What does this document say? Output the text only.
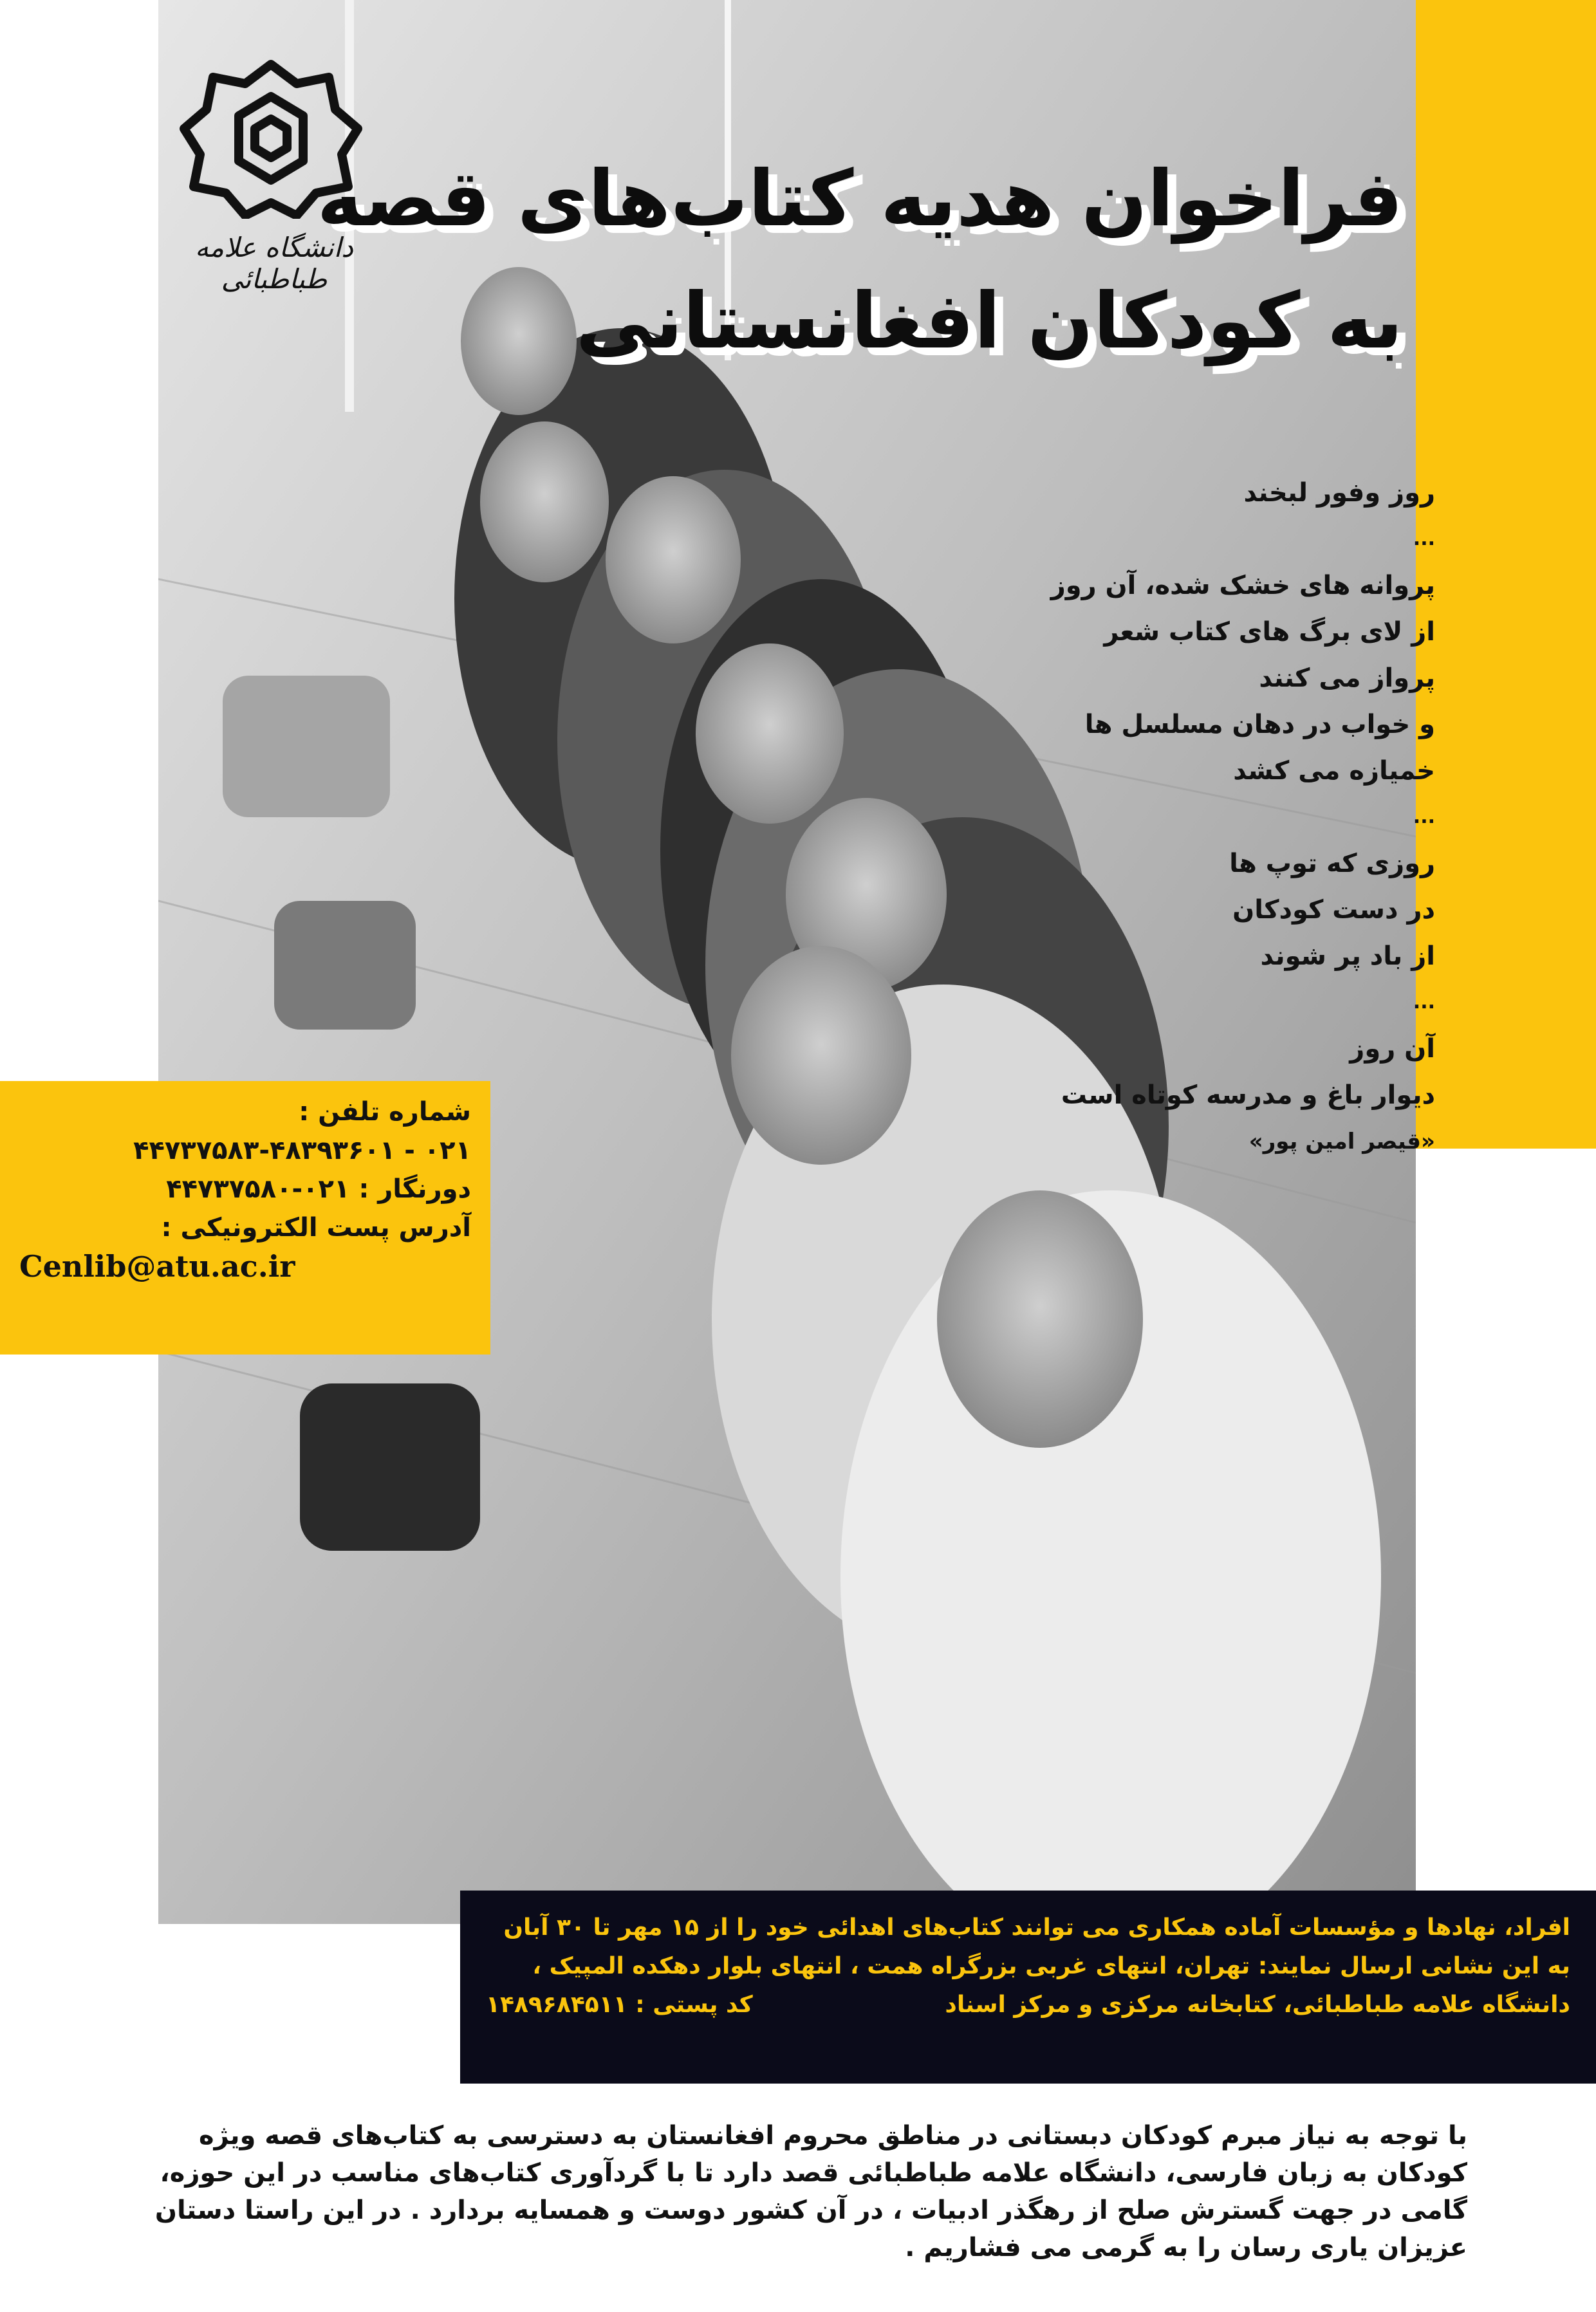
دانشگاه علامه طباطبائی
فراخوان هدیه کتاب‌های قصه
به کودکان افغانستانی
روز وفور لبخند
...
پروانه های خشک شده، آن روز
از لای برگ های کتاب شعر
پرواز می کنند
و خواب در دهان مسلسل ها
خمیازه می کشد
...
روزی که توپ ها
در دست کودکان
از باد پر شوند
...
آن روز
دیوار باغ و مدرسه کوتاه است
«قیصر امین پور»
شماره تلفن :
۰۲۱ - ۴۴۷۳۷۵۸۳-۴۸۳۹۳۶۰۱
دورنگار : ۰۲۱-۴۴۷۳۷۵۸۰
آدرس پست الکترونیکی :
Cenlib@atu.ac.ir
افراد، نهادها و مؤسسات آماده همکاری می توانند کتاب‌های اهدائی خود را از ۱۵ مهر تا ۳۰ آبان
به این نشانی ارسال نمایند: تهران، انتهای غربی بزرگراه همت ، انتهای بلوار دهکده المپیک ،
دانشگاه علامه طباطبائی، کتابخانه مرکزی و مرکز اسناد
کد پستی : ۱۴۸۹۶۸۴۵۱۱
با توجه به نیاز مبرم کودکان دبستانی در مناطق محروم افغانستان به دسترسی به کتاب‌های قصه ویژه
کودکان به زبان فارسی، دانشگاه علامه طباطبائی قصد دارد تا با گردآوری کتاب‌های مناسب در این حوزه،
گامی در جهت گسترش صلح از رهگذر ادبیات ، در آن کشور دوست و همسایه بردارد . در این راستا دستان
عزیزان یاری رسان را به گرمی می فشاریم .
